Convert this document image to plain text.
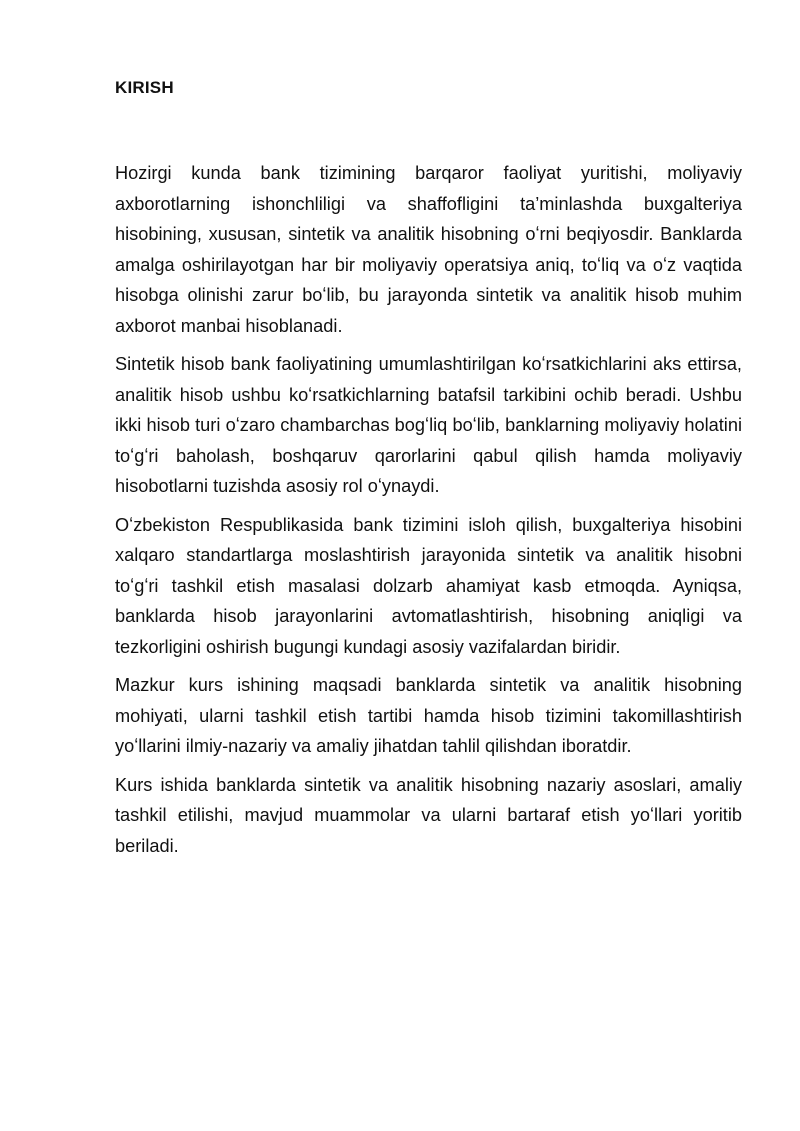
KIRISH

Hozirgi kunda bank tizimining barqaror faoliyat yuritishi, moliyaviy axborotlarning ishonchliligi va shaffofligini ta’minlashda buxgalteriya hisobining, xususan, sintetik va analitik hisobning oʻrni beqiyosdir. Banklarda amalga oshirilayotgan har bir moliyaviy operatsiya aniq, toʻliq va oʻz vaqtida hisobga olinishi zarur boʻlib, bu jarayonda sintetik va analitik hisob muhim axborot manbai hisoblanadi.

Sintetik hisob bank faoliyatining umumlashtirilgan koʻrsatkichlarini aks ettirsa, analitik hisob ushbu koʻrsatkichlarning batafsil tarkibini ochib beradi. Ushbu ikki hisob turi oʻzaro chambarchas bogʻliq boʻlib, banklarning moliyaviy holatini toʻgʻri baholash, boshqaruv qarorlarini qabul qilish hamda moliyaviy hisobotlarni tuzishda asosiy rol oʻynaydi.

Oʻzbekiston Respublikasida bank tizimini isloh qilish, buxgalteriya hisobini xalqaro standartlarga moslashtirish jarayonida sintetik va analitik hisobni toʻgʻri tashkil etish masalasi dolzarb ahamiyat kasb etmoqda. Ayniqsa, banklarda hisob jarayonlarini avtomatlashtirish, hisobning aniqligi va tezkorligini oshirish bugungi kundagi asosiy vazifalardan biridir.

Mazkur kurs ishining maqsadi banklarda sintetik va analitik hisobning mohiyati, ularni tashkil etish tartibi hamda hisob tizimini takomillashtirish yoʻllarini ilmiy-nazariy va amaliy jihatdan tahlil qilishdan iboratdir.

Kurs ishida banklarda sintetik va analitik hisobning nazariy asoslari, amaliy tashkil etilishi, mavjud muammolar va ularni bartaraf etish yoʻllari yoritib beriladi.
